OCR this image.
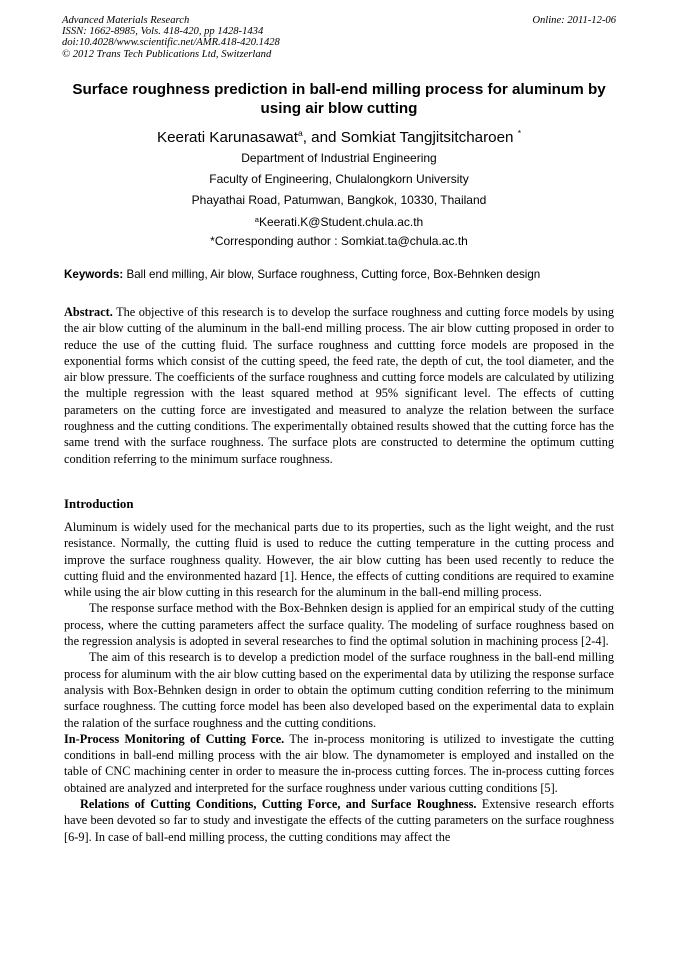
Advanced Materials Research
ISSN: 1662-8985, Vols. 418-420, pp 1428-1434
doi:10.4028/www.scientific.net/AMR.418-420.1428
© 2012 Trans Tech Publications Ltd, Switzerland
Online: 2011-12-06
Surface roughness prediction in ball-end milling process for aluminum by using air blow cutting
Keerati Karunasawat$^a$, and Somkiat Tangjitsitcharoen *
Department of Industrial Engineering
Faculty of Engineering, Chulalongkorn University
Phayathai Road, Patumwan, Bangkok, 10330, Thailand
$^a$Keerati.K@Student.chula.ac.th
*Corresponding author : Somkiat.ta@chula.ac.th
Keywords: Ball end milling, Air blow, Surface roughness, Cutting force, Box-Behnken design

Abstract. The objective of this research is to develop the surface roughness and cutting force models by using the air blow cutting of the aluminum in the ball-end milling process. The air blow cutting proposed in order to reduce the use of the cutting fluid. The surface roughness and cuttting force models are proposed in the exponential forms which consist of the cutting speed, the feed rate, the depth of cut, the tool diameter, and the air blow pressure. The coefficients of the surface roughness and cutting force models are calculated by utilizing the multiple regression with the least squared method at 95% significant level. The effects of cutting parameters on the cutting force are investigated and measured to analyze the relation between the surface roughness and the cutting conditions. The experimentally obtained results showed that the cutting force has the same trend with the surface roughness. The surface plots are constructed to determine the optimum cutting condition referring to the minimum surface roughness.

Introduction

Aluminum is widely used for the mechanical parts due to its properties, such as the light weight, and the rust resistance. Normally, the cutting fluid is used to reduce the cutting temperature in the cutting process and improve the surface roughness quality. However, the air blow cutting has been used recently to reduce the cutting fluid and the environmented hazard [1]. Hence, the effects of cutting conditions are required to examine while using the air blow cutting in this research for the aluminum in the ball-end milling process.

The response surface method with the Box-Behnken design is applied for an empirical study of the cutting process, where the cutting parameters affect the surface quality. The modeling of surface roughness based on the regression analysis is adopted in several researches to find the optimal solution in machining process [2-4].

The aim of this research is to develop a prediction model of the surface roughness in the ball-end milling process for aluminum with the air blow cutting based on the experimental data by utilizing the response surface analysis with Box-Behnken design in order to obtain the optimum cutting condition referring to the minimum surface roughness. The cutting force model has been also developed based on the experimental data to explain the ralation of the surface roughness and the cutting conditions.

In-Process Monitoring of Cutting Force. The in-process monitoring is utilized to investigate the cutting conditions in ball-end milling process with the air blow. The dynamometer is employed and installed on the table of CNC machining center in order to measure the in-process cutting forces. The in-process cutting forces obtained are analyzed and interpreted for the surface roughness under various cutting conditions [5].

Relations of Cutting Conditions, Cutting Force, and Surface Roughness. Extensive research efforts have been devoted so far to study and investigate the effects of the cutting parameters on the surface roughness [6-9]. In case of ball-end milling process, the cutting conditions may affect the
